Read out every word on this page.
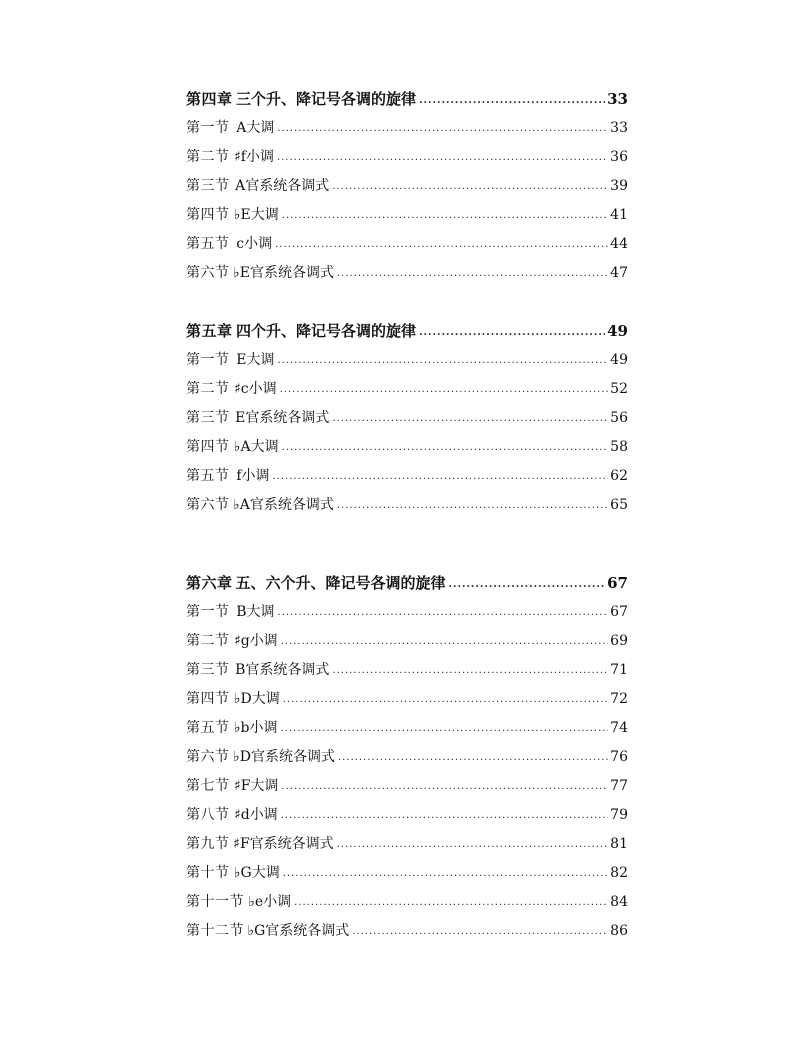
第四章 三个升、降记号各调的旋律 .....	33
第一节 A 大调 .....	33
第二节 ♯f 小调 .....	36
第三节 A 官系统各调式 .....	39
第四节 ♭E 大调 .....	41
第五节 c 小调 .....	44
第六节 ♭E 官系统各调式 .....	47
第五章 四个升、降记号各调的旋律 .....	49
第一节 E 大调 .....	49
第二节 ♯c 小调 .....	52
第三节 E 官系统各调式 .....	56
第四节 ♭A 大调 .....	58
第五节 f 小调 .....	62
第六节 ♭A 官系统各调式 .....	65
第六章 五、六个升、降记号各调的旋律 .....	67
第一节 B 大调 .....	67
第二节 ♯g 小调 .....	69
第三节 B 官系统各调式 .....	71
第四节 ♭D 大调 .....	72
第五节 ♭b 小调 .....	74
第六节 ♭D 官系统各调式 .....	76
第七节 ♯F 大调 .....	77
第八节 ♯d 小调 .....	79
第九节 ♯F 官系统各调式 .....	81
第十节 ♭G 大调 .....	82
第十一节 ♭e 小调 .....	84
第十二节 ♭G 官系统各调式 .....	86
